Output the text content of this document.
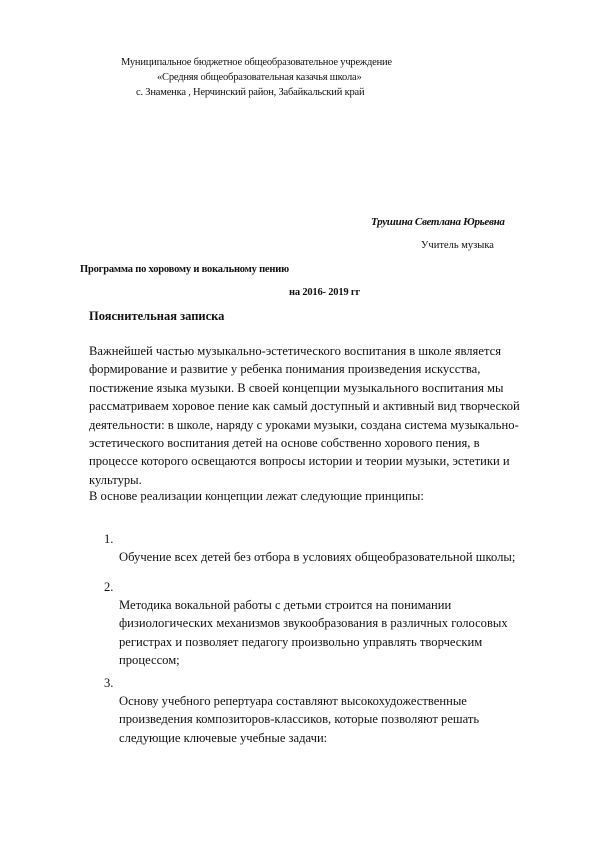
Муниципальное бюджетное общеобразовательное учреждение
«Средняя общеобразовательная казачья школа»
с. Знаменка , Нерчинский район, Забайкальский край
Трушина Светлана Юрьевна
Учитель музыка
Программа по хоровому и вокальному пению
на 2016- 2019 гг
Пояснительная записка
Важнейшей частью музыкально-эстетического воспитания в школе является
формирование и развитие у ребенка понимания произведения искусства,
постижение языка музыки. В своей концепции музыкального воспитания мы
рассматриваем хоровое пение как самый доступный и активный вид творческой
деятельности: в школе, наряду с уроками музыки, создана система музыкально-
эстетического воспитания детей на основе собственно хорового пения, в
процессе которого освещаются вопросы истории и теории музыки, эстетики и
культуры.
В основе реализации концепции лежат следующие принципы:
1.
Обучение всех детей без отбора в условиях общеобразовательной школы;
2.
Методика вокальной работы с детьми строится на понимании
физиологических механизмов звукообразования в различных голосовых
регистрах и позволяет педагогу произвольно управлять творческим
процессом;
3.
Основу учебного репертуара составляют высокохудожественные
произведения композиторов-классиков, которые позволяют решать
следующие ключевые учебные задачи:
